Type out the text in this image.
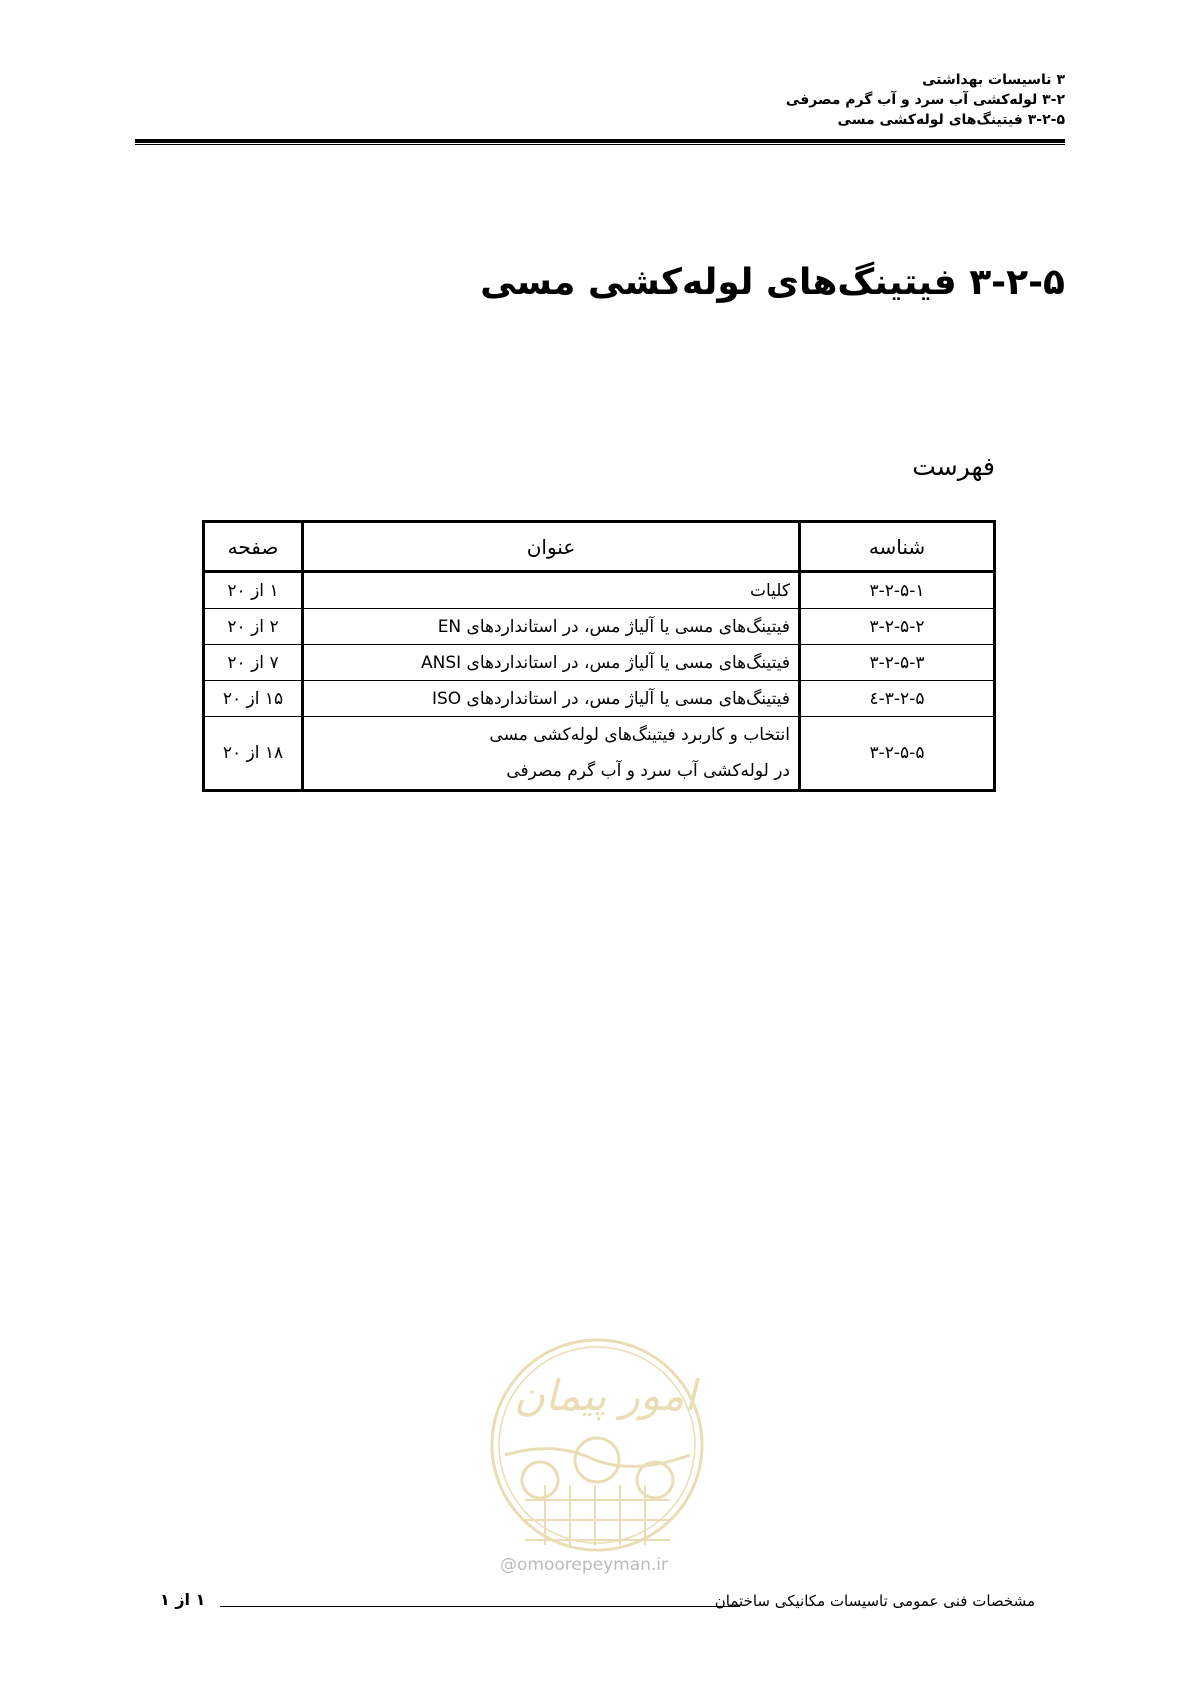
۳ تاسیسات بهداشتی
۳-۲ لوله‌کشی آب سرد و آب گرم مصرفی
۳-۲-۵ فیتینگ‌های لوله‌کشی مسی
۳-۲-۵ فیتینگ‌های لوله‌کشی مسی
فهرست
شناسه	عنوان	صفحه
۳-۲-۵-۱	کلیات	۱ از ۲۰
۳-۲-۵-۲	فیتینگ‌های مسی یا آلیاژ مس، در استانداردهای EN	۲ از ۲۰
۳-۲-۵-۳	فیتینگ‌های مسی یا آلیاژ مس، در استانداردهای ANSI	۷ از ۲۰
۳-۲-۵-٤	فیتینگ‌های مسی یا آلیاژ مس، در استانداردهای ISO	۱۵ از ۲۰
۳-۲-۵-۵	انتخاب و کاربرد فیتینگ‌های لوله‌کشی مسی
در لوله‌کشی آب سرد و آب گرم مصرفی	۱۸ از ۲۰
امور پیمان
@omoorepeyman.ir
مشخصات فنی عمومی تاسیسات مکانیکی ساختمان
۱ از ۱
